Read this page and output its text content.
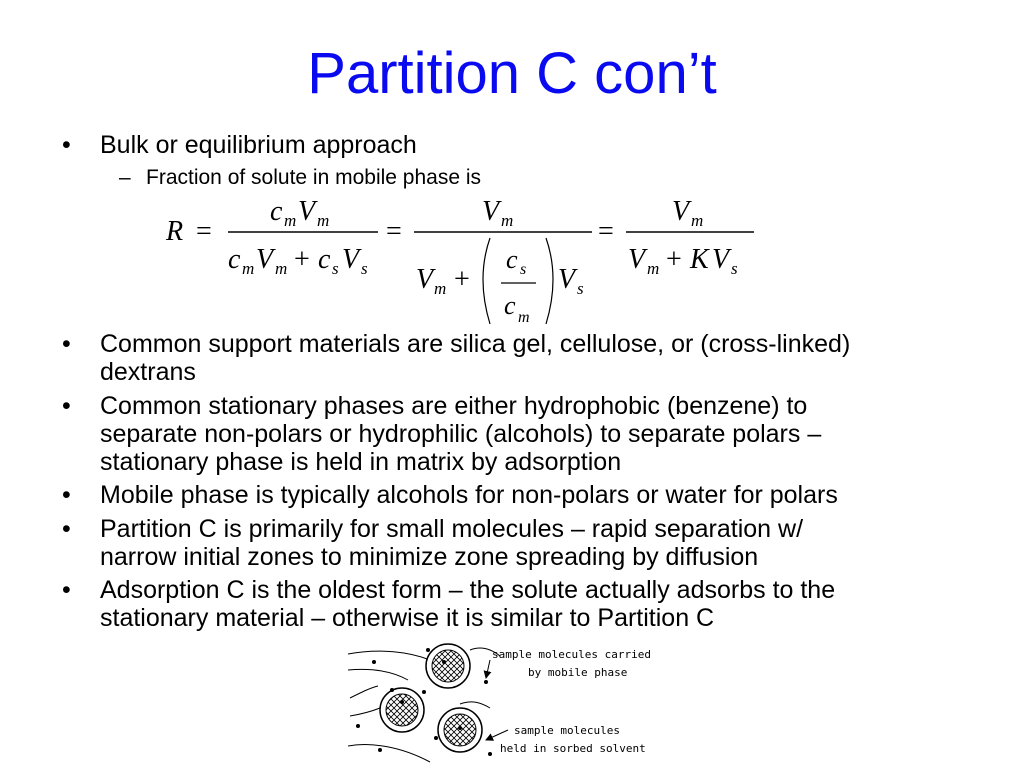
Partition C con’t
• Bulk or equilibrium approach
– Fraction of solute in mobile phase is
• Common support materials are silica gel, cellulose, or (cross-linked)
dextrans
• Common stationary phases are either hydrophobic (benzene) to
separate non-polars or hydrophilic (alcohols) to separate polars –
stationary phase is held in matrix by adsorption
• Mobile phase is typically alcohols for non-polars or water for polars
• Partition C is primarily for small molecules – rapid separation w/
narrow initial zones to minimize zone spreading by diffusion
• Adsorption C is the oldest form – the solute actually adsorbs to the
stationary material – otherwise it is similar to Partition C
R =
c m V m
c m V m + c s V s
=
V m
V m +
c s
c m
V s
=
V m
V m + K V s
sample molecules carried
by mobile phase
sample molecules
held in sorbed solvent
